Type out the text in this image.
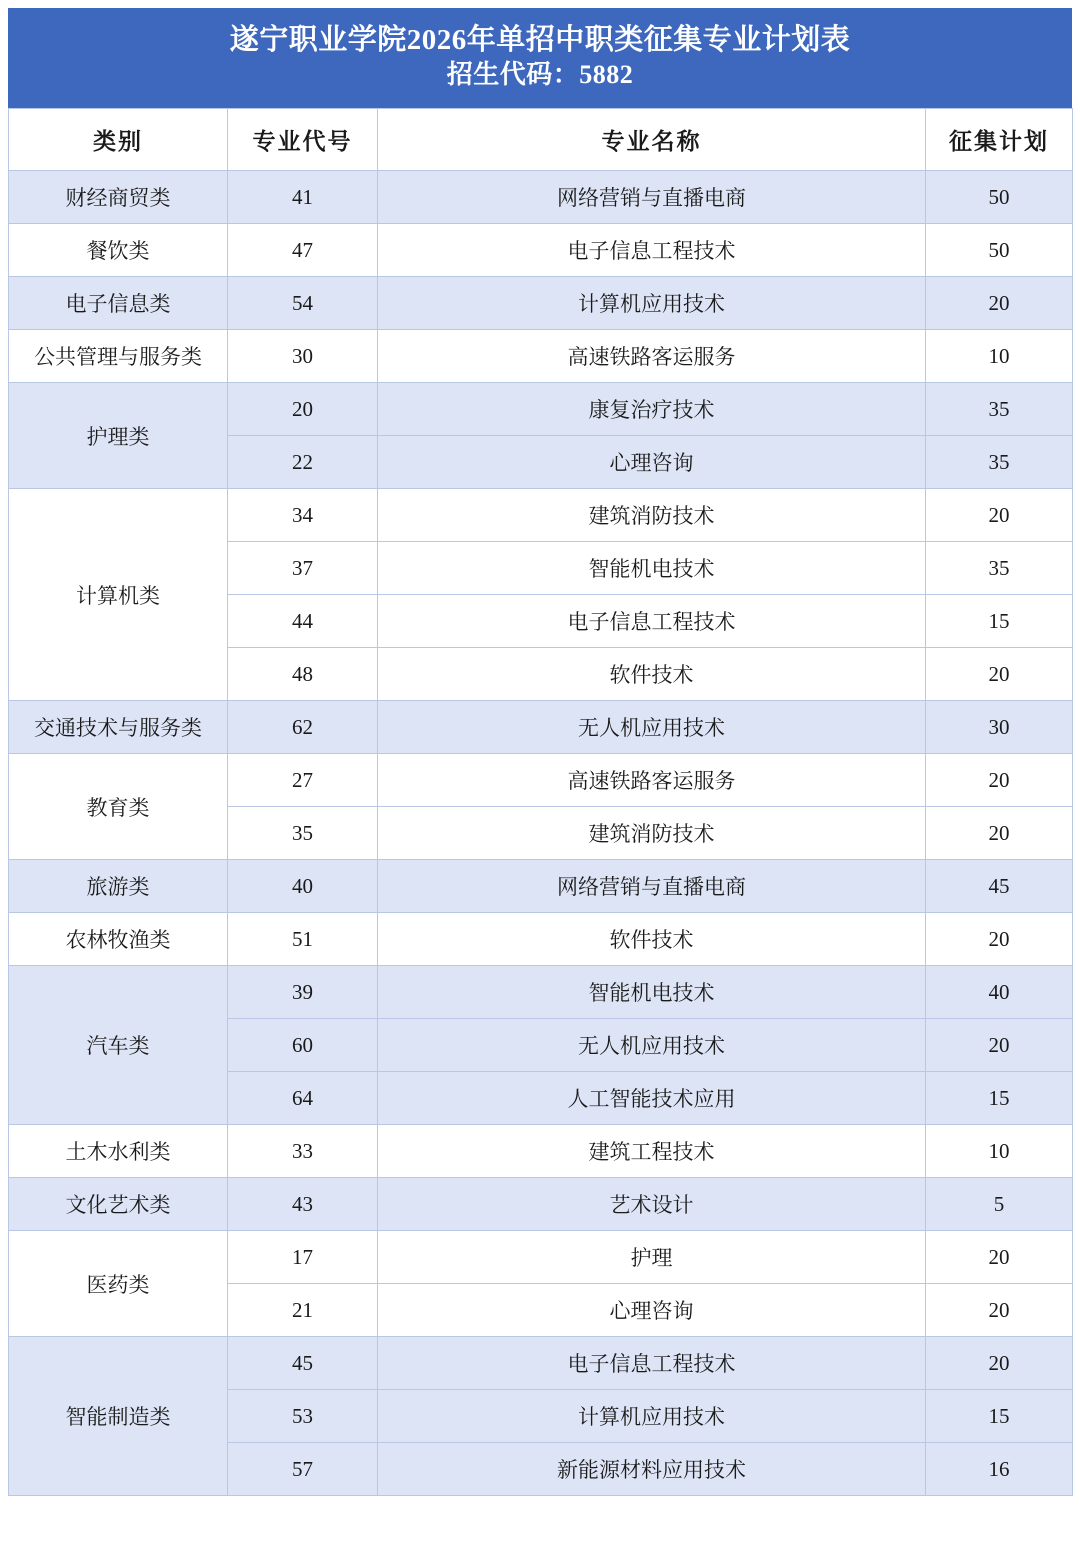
遂宁职业学院2026年单招中职类征集专业计划表
招生代码：5882
类别	专业代号	专业名称	征集计划
财经商贸类	41	网络营销与直播电商	50
餐饮类	47	电子信息工程技术	50
电子信息类	54	计算机应用技术	20
公共管理与服务类	30	高速铁路客运服务	10
护理类	20	康复治疗技术	35
	22	心理咨询	35
计算机类	34	建筑消防技术	20
	37	智能机电技术	35
	44	电子信息工程技术	15
	48	软件技术	20
交通技术与服务类	62	无人机应用技术	30
教育类	27	高速铁路客运服务	20
	35	建筑消防技术	20
旅游类	40	网络营销与直播电商	45
农林牧渔类	51	软件技术	20
汽车类	39	智能机电技术	40
	60	无人机应用技术	20
	64	人工智能技术应用	15
土木水利类	33	建筑工程技术	10
文化艺术类	43	艺术设计	5
医药类	17	护理	20
	21	心理咨询	20
智能制造类	45	电子信息工程技术	20
	53	计算机应用技术	15
	57	新能源材料应用技术	16
